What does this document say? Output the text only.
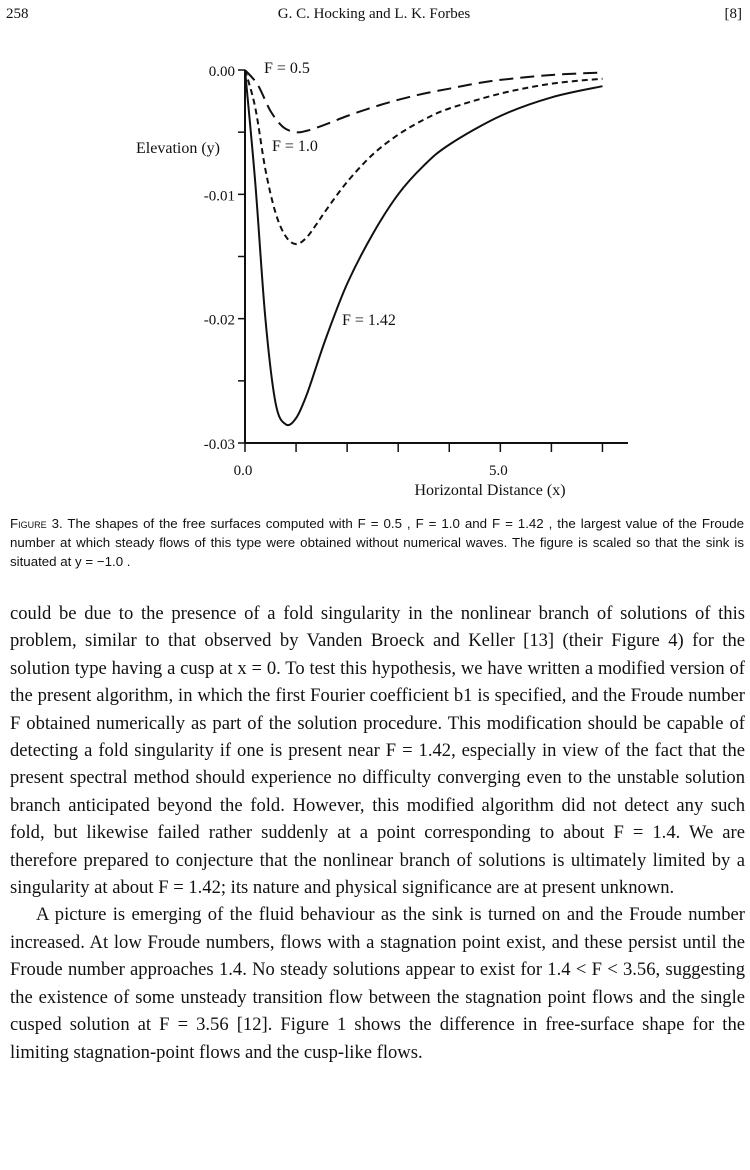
258	G. C. Hocking and L. K. Forbes	[8]
0.00
-0.01
-0.02
-0.03
0.0	5.0
Horizontal Distance (x)
Elevation (y)
F = 0.5
F = 1.0
F = 1.42

Figure 3. The shapes of the free surfaces computed with F = 0.5 , F = 1.0 and F = 1.42 , the largest value of the Froude number at which steady flows of this type were obtained without numerical waves. The figure is scaled so that the sink is situated at y = −1.0 .

could be due to the presence of a fold singularity in the nonlinear branch of solutions of this problem, similar to that observed by Vanden Broeck and Keller [13] (their Figure 4) for the solution type having a cusp at x = 0. To test this hypothesis, we have written a modified version of the present algorithm, in which the first Fourier coefficient b1 is specified, and the Froude number F obtained numerically as part of the solution procedure. This modification should be capable of detecting a fold singularity if one is present near F = 1.42, especially in view of the fact that the present spectral method should experience no difficulty converging even to the unstable solution branch anticipated beyond the fold. However, this modified algorithm did not detect any such fold, but likewise failed rather suddenly at a point corresponding to about F = 1.4. We are therefore prepared to conjecture that the nonlinear branch of solutions is ultimately limited by a singularity at about F = 1.42; its nature and physical significance are at present unknown.

A picture is emerging of the fluid behaviour as the sink is turned on and the Froude number increased. At low Froude numbers, flows with a stagnation point exist, and these persist until the Froude number approaches 1.4. No steady solutions appear to exist for 1.4 < F < 3.56, suggesting the existence of some unsteady transition flow between the stagnation point flows and the single cusped solution at F = 3.56 [12]. Figure 1 shows the difference in free-surface shape for the limiting stagnation-point flows and the cusp-like flows.
